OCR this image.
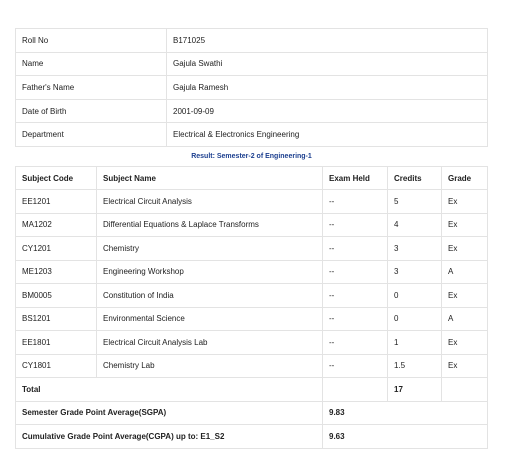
Roll No	B171025
Name	Gajula Swathi
Father's Name	Gajula Ramesh
Date of Birth	2001-09-09
Department	Electrical & Electronics Engineering
Result: Semester-2 of Engineering-1
Subject Code	Subject Name	Exam Held	Credits	Grade
EE1201	Electrical Circuit Analysis	--	5	Ex
MA1202	Differential Equations & Laplace Transforms	--	4	Ex
CY1201	Chemistry	--	3	Ex
ME1203	Engineering Workshop	--	3	A
BM0005	Constitution of India	--	0	Ex
BS1201	Environmental Science	--	0	A
EE1801	Electrical Circuit Analysis Lab	--	1	Ex
CY1801	Chemistry Lab	--	1.5	Ex
Total			17	
Semester Grade Point Average(SGPA)		9.83		
Cumulative Grade Point Average(CGPA) up to: E1_S2		9.63		
